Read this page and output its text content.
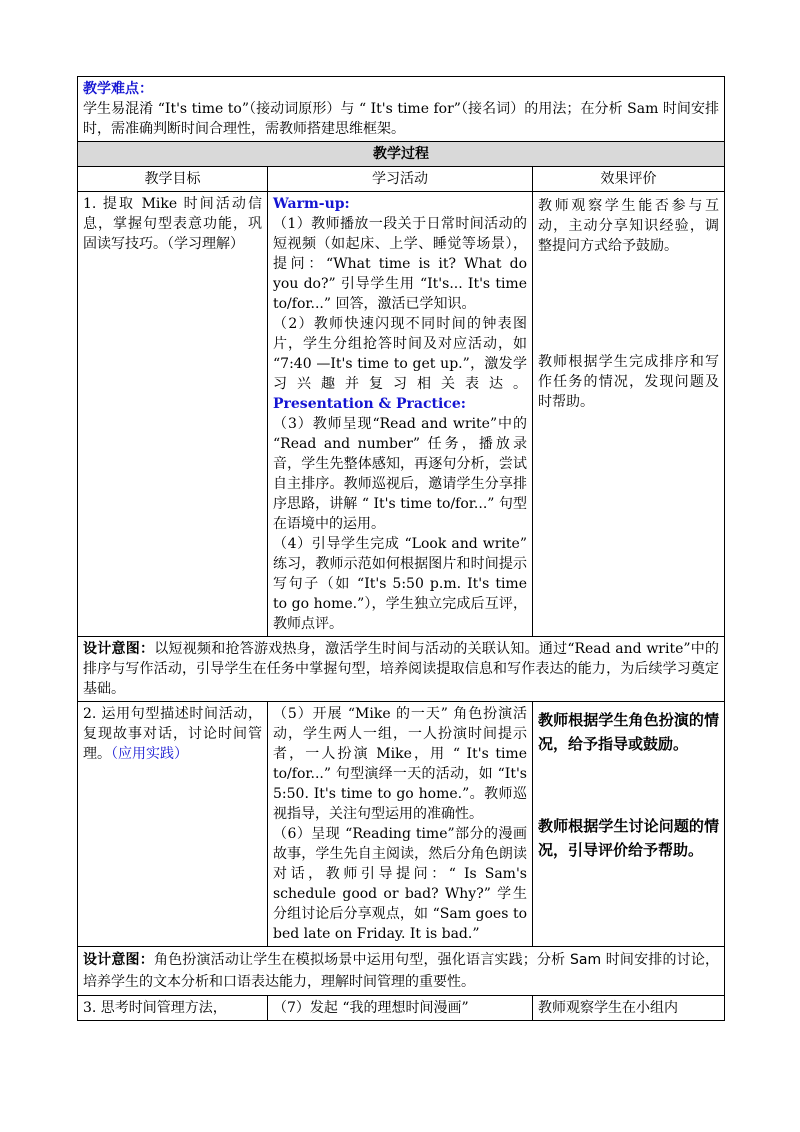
教学难点：
学生易混淆 “It's time to”（接动词原形）与 “ It's time for”（接名词）的用法；在分析 Sam 时间安排时，需准确判断时间合理性，需教师搭建思维框架。		
教学过程		
教学目标	学习活动	效果评价
1. 提取 Mike 时间活动信息，掌握句型表意功能，巩固读写技巧。（学习理解）	Warm-up:
（1）教师播放一段关于日常时间活动的短视频（如起床、上学、睡觉等场景），提问：“What time is it? What do you do?” 引导学生用 “It's... It's time to/for...” 回答，激活已学知识。
（2）教师快速闪现不同时间的钟表图片，学生分组抢答时间及对应活动，如 “7:40 —It's time to get up.”，激发学习兴趣并复习相关表达。 Presentation & Practice:
（3）教师呈现“Read and write”中的 “Read and number” 任务，播放录音，学生先整体感知，再逐句分析，尝试自主排序。教师巡视后，邀请学生分享排序思路，讲解 “ It's time to/for...” 句型在语境中的运用。
（4）引导学生完成 “Look and write” 练习，教师示范如何根据图片和时间提示写句子（如 “It's 5:50 p.m. It's time to go home.”），学生独立完成后互评，教师点评。	教师观察学生能否参与互动，主动分享知识经验，调整提问方式给予鼓励。
教师根据学生完成排序和写作任务的情况，发现问题及时帮助。

设计意图：以短视频和抢答游戏热身，激活学生时间与活动的关联认知。通过“Read and write”中的排序与写作活动，引导学生在任务中掌握句型，培养阅读提取信息和写作表达的能力，为后续学习奠定基础。		
2. 运用句型描述时间活动，复现故事对话，讨论时间管理。（应用实践）	（5）开展 “Mike 的一天” 角色扮演活动，学生两人一组，一人扮演时间提示者，一人扮演 Mike，用 “ It's time to/for...” 句型演绎一天的活动，如 “It's 5:50. It's time to go home.”。教师巡视指导，关注句型运用的准确性。
（6）呈现 “Reading time”部分的漫画故事，学生先自主阅读，然后分角色朗读对话，教师引导提问：“ Is Sam's schedule good or bad? Why?” 学生分组讨论后分享观点，如 “Sam goes to bed late on Friday. It is bad.”	教师根据学生角色扮演的情况，给予指导或鼓励。
教师根据学生讨论问题的情况，引导评价给予帮助。

设计意图：角色扮演活动让学生在模拟场景中运用句型，强化语言实践；分析 Sam 时间安排的讨论，培养学生的文本分析和口语表达能力，理解时间管理的重要性。		
3. 思考时间管理方法，	（7）发起 “我的理想时间漫画”	教师观察学生在小组内
